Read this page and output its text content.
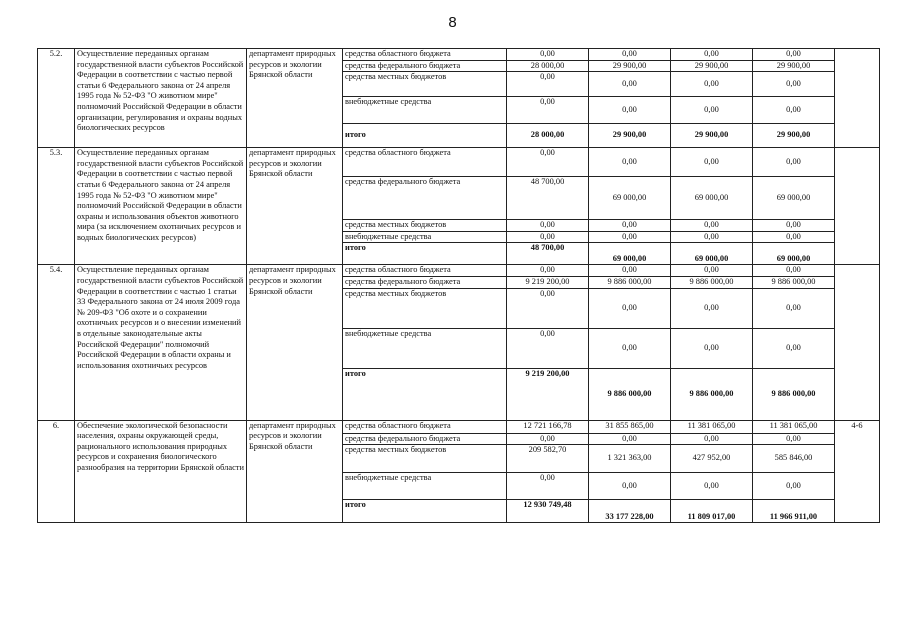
8
5.2.	Осуществление переданных органам государственной власти субъектов Российской Федерации в соответствии с частью первой статьи 6 Федерального закона от 24 апреля 1995 года № 52-ФЗ "О животном мире" полномочий Российской Федерации в области организации, регулирования и охраны водных биологических ресурсов	департамент природных ресурсов и экологии Брянской области	средства областного бюджета	0,00	0,00	0,00	0,00	
			средства федерального бюджета	28 000,00	29 900,00	29 900,00	29 900,00	
			средства местных бюджетов	0,00	0,00	0,00	0,00	
			внебюджетные средства	0,00	0,00	0,00	0,00	
			итого	28 000,00	29 900,00	29 900,00	29 900,00	
5.3.	Осуществление переданных органам государственной власти субъектов Российской Федерации в соответствии с частью первой статьи 6 Федерального закона от 24 апреля 1995 года № 52-ФЗ "О животном мире" полномочий Российской Федерации в области охраны и использования объектов животного мира (за исключением охотничьих ресурсов и водных биологических ресурсов)	департамент природных ресурсов и экологии Брянской области	средства областного бюджета	0,00	0,00	0,00	0,00	
			средства федерального бюджета	48 700,00	69 000,00	69 000,00	69 000,00	
			средства местных бюджетов	0,00	0,00	0,00	0,00	
			внебюджетные средства	0,00	0,00	0,00	0,00	
			итого	48 700,00	69 000,00	69 000,00	69 000,00	
5.4.	Осуществление переданных органам государственной власти субъектов Российской Федерации в соответствии с частью 1 статьи 33 Федерального закона от 24 июля 2009 года № 209-ФЗ "Об охоте и о сохранении охотничьих ресурсов и о внесении изменений в отдельные законодательные акты Российской Федерации" полномочий Российской Федерации в области охраны и использования охотничьих ресурсов	департамент природных ресурсов и экологии Брянской области	средства областного бюджета	0,00	0,00	0,00	0,00	
			средства федерального бюджета	9 219 200,00	9 886 000,00	9 886 000,00	9 886 000,00	
			средства местных бюджетов	0,00	0,00	0,00	0,00	
			внебюджетные средства	0,00	0,00	0,00	0,00	
			итого	9 219 200,00	9 886 000,00	9 886 000,00	9 886 000,00	
6.	Обеспечение экологической безопасности населения, охраны окружающей среды, рационального использования природных ресурсов и сохранения биологического разнообразия на территории Брянской области	департамент природных ресурсов и экологии Брянской области	средства областного бюджета	12 721 166,78	31 855 865,00	11 381 065,00	11 381 065,00	4-6
			средства федерального бюджета	0,00	0,00	0,00	0,00	
			средства местных бюджетов	209 582,70	1 321 363,00	427 952,00	585 846,00	
			внебюджетные средства	0,00	0,00	0,00	0,00	
			итого	12 930 749,48	33 177 228,00	11 809 017,00	11 966 911,00	
